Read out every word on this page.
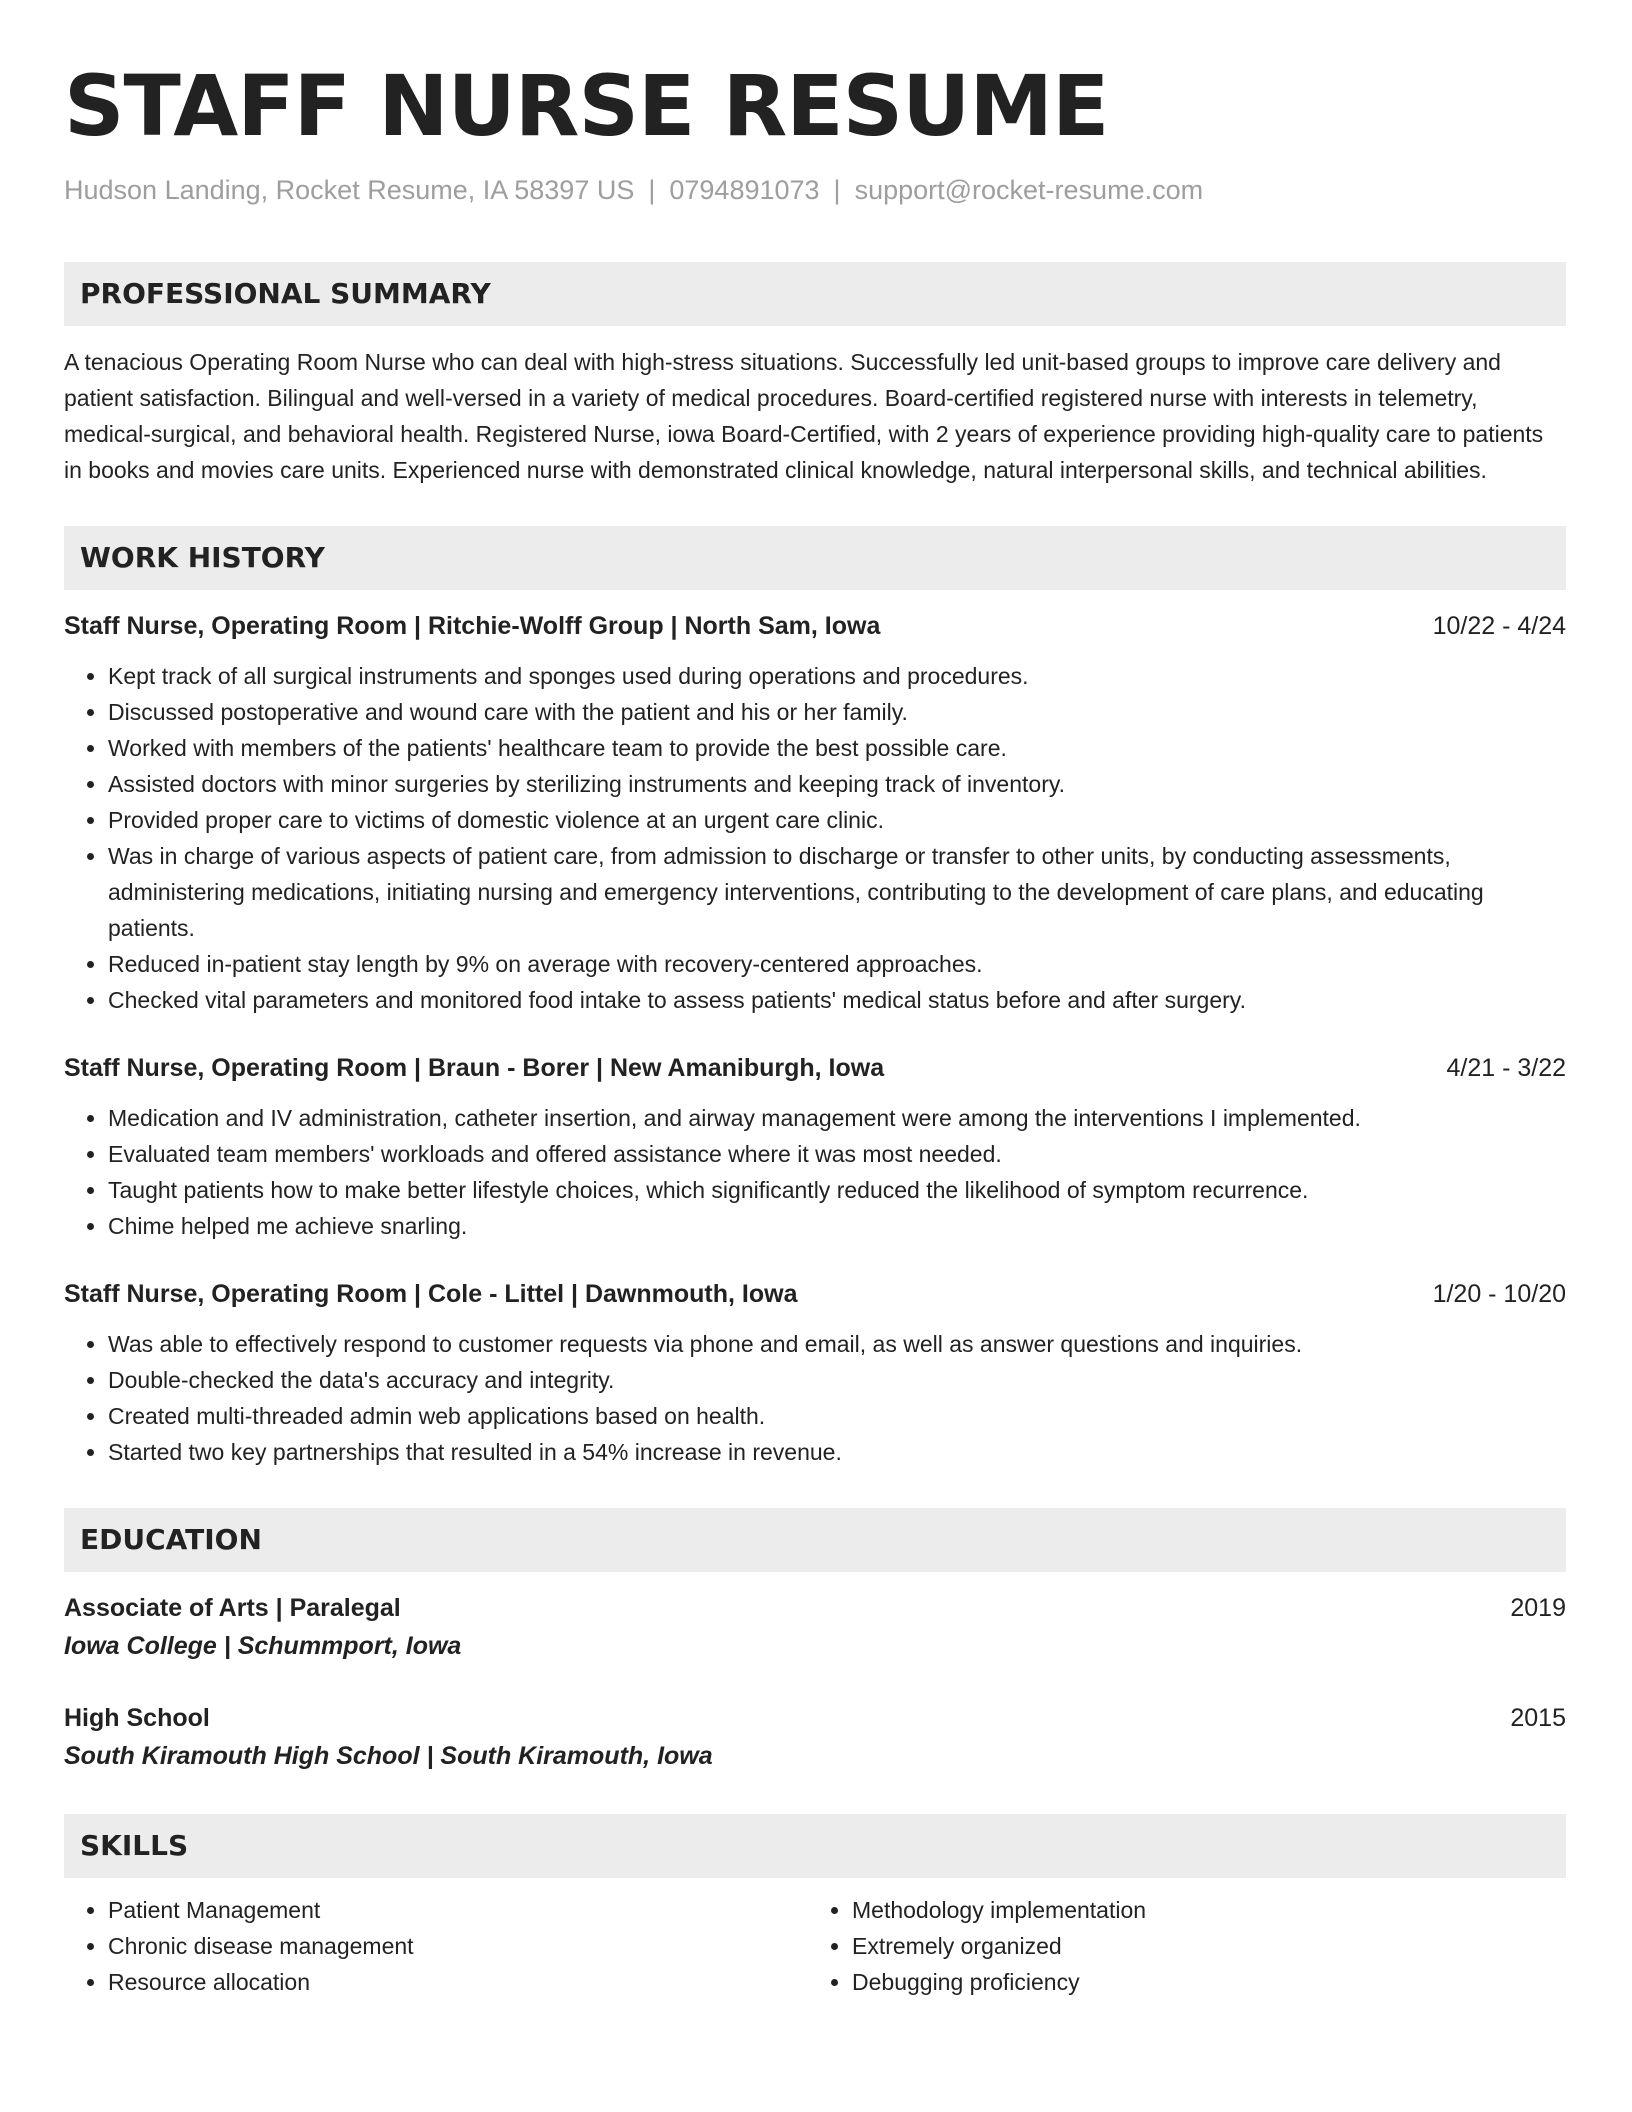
STAFF NURSE RESUME
Hudson Landing, Rocket Resume, IA 58397 US | 0794891073 | support@rocket-resume.com
PROFESSIONAL SUMMARY
A tenacious Operating Room Nurse who can deal with high-stress situations. Successfully led unit-based groups to improve care delivery and patient satisfaction. Bilingual and well-versed in a variety of medical procedures. Board-certified registered nurse with interests in telemetry, medical-surgical, and behavioral health. Registered Nurse, iowa Board-Certified, with 2 years of experience providing high-quality care to patients in books and movies care units. Experienced nurse with demonstrated clinical knowledge, natural interpersonal skills, and technical abilities.
WORK HISTORY
Staff Nurse, Operating Room | Ritchie-Wolff Group | North Sam, Iowa	10/22 - 4/24
• Kept track of all surgical instruments and sponges used during operations and procedures.
• Discussed postoperative and wound care with the patient and his or her family.
• Worked with members of the patients' healthcare team to provide the best possible care.
• Assisted doctors with minor surgeries by sterilizing instruments and keeping track of inventory.
• Provided proper care to victims of domestic violence at an urgent care clinic.
• Was in charge of various aspects of patient care, from admission to discharge or transfer to other units, by conducting assessments, administering medications, initiating nursing and emergency interventions, contributing to the development of care plans, and educating patients.
• Reduced in-patient stay length by 9% on average with recovery-centered approaches.
• Checked vital parameters and monitored food intake to assess patients' medical status before and after surgery.
Staff Nurse, Operating Room | Braun - Borer | New Amaniburgh, Iowa	4/21 - 3/22
• Medication and IV administration, catheter insertion, and airway management were among the interventions I implemented.
• Evaluated team members' workloads and offered assistance where it was most needed.
• Taught patients how to make better lifestyle choices, which significantly reduced the likelihood of symptom recurrence.
• Chime helped me achieve snarling.
Staff Nurse, Operating Room | Cole - Littel | Dawnmouth, Iowa	1/20 - 10/20
• Was able to effectively respond to customer requests via phone and email, as well as answer questions and inquiries.
• Double-checked the data's accuracy and integrity.
• Created multi-threaded admin web applications based on health.
• Started two key partnerships that resulted in a 54% increase in revenue.
EDUCATION
Associate of Arts | Paralegal	2019
Iowa College | Schummport, Iowa
High School	2015
South Kiramouth High School | South Kiramouth, Iowa
SKILLS
• Patient Management
• Chronic disease management
• Resource allocation
• Methodology implementation
• Extremely organized
• Debugging proficiency
